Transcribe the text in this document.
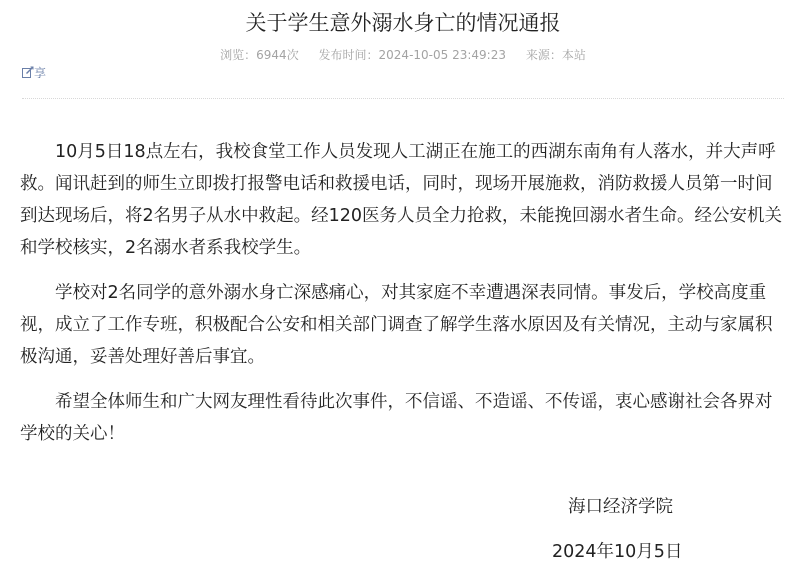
关于学生意外溺水身亡的情况通报
浏览：6944次 发布时间：2024-10-05 23:49:23 来源：本站
享

10月5日18点左右，我校食堂工作人员发现人工湖正在施工的西湖东南角有人落水，并大声呼救。闻讯赶到的师生立即拨打报警电话和救援电话，同时，现场开展施救，消防救援人员第一时间到达现场后，将2名男子从水中救起。经120医务人员全力抢救，未能挽回溺水者生命。经公安机关和学校核实，2名溺水者系我校学生。

学校对2名同学的意外溺水身亡深感痛心，对其家庭不幸遭遇深表同情。事发后，学校高度重视，成立了工作专班，积极配合公安和相关部门调查了解学生落水原因及有关情况，主动与家属积极沟通，妥善处理好善后事宜。

希望全体师生和广大网友理性看待此次事件，不信谣、不造谣、不传谣，衷心感谢社会各界对学校的关心！

海口经济学院
2024年10月5日
